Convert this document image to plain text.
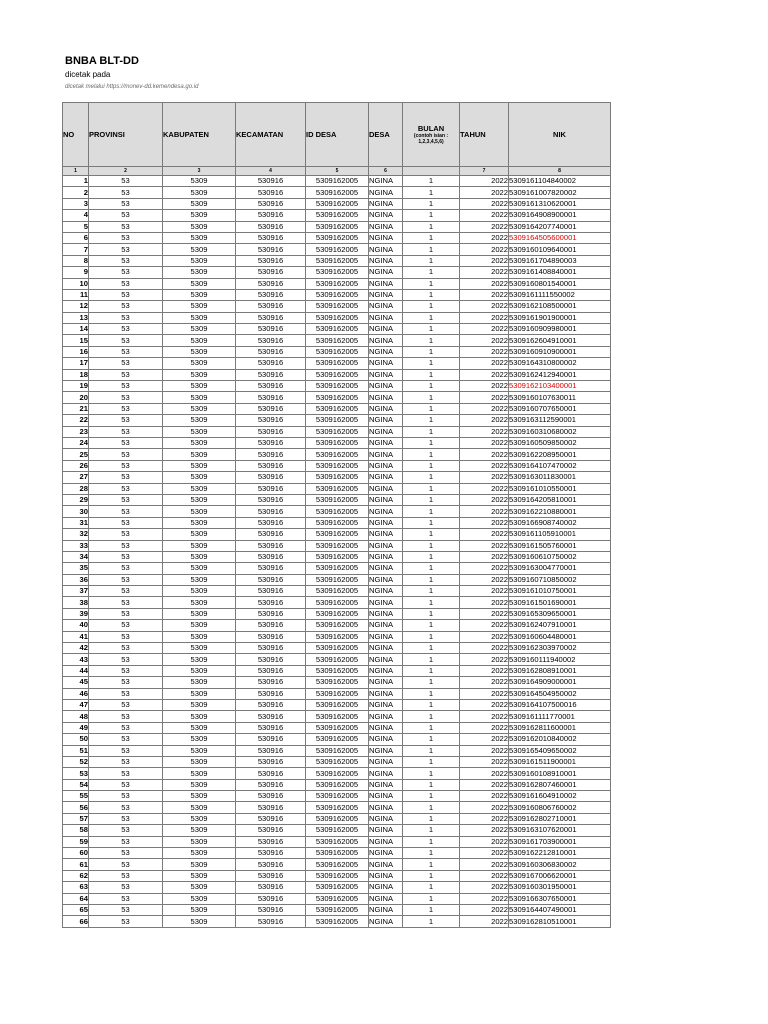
BNBA BLT-DD
dicetak pada
dicetak melalui https://monev-dd.kemendesa.go.id
NO	PROVINSI	KABUPATEN	KECAMATAN	ID DESA	DESA	BULAN
(contoh isian :
1,2,3,4,5,6)	TAHUN	NIK
1	2	3	4	5	6		7	8
1	53	5309	530916	5309162005	NGINA	1	2022	5309161104840002
2	53	5309	530916	5309162005	NGINA	1	2022	5309161007820002
3	53	5309	530916	5309162005	NGINA	1	2022	5309161310620001
4	53	5309	530916	5309162005	NGINA	1	2022	5309164908900001
5	53	5309	530916	5309162005	NGINA	1	2022	5309164207740001
6	53	5309	530916	5309162005	NGINA	1	2022	5309164505600001
7	53	5309	530916	5309162005	NGINA	1	2022	5309160109640001
8	53	5309	530916	5309162005	NGINA	1	2022	5309161704890003
9	53	5309	530916	5309162005	NGINA	1	2022	5309161408840001
10	53	5309	530916	5309162005	NGINA	1	2022	5309160801540001
11	53	5309	530916	5309162005	NGINA	1	2022	5309161111550002
12	53	5309	530916	5309162005	NGINA	1	2022	5309162108500001
13	53	5309	530916	5309162005	NGINA	1	2022	5309161901900001
14	53	5309	530916	5309162005	NGINA	1	2022	5309160909980001
15	53	5309	530916	5309162005	NGINA	1	2022	5309162604910001
16	53	5309	530916	5309162005	NGINA	1	2022	5309160910900001
17	53	5309	530916	5309162005	NGINA	1	2022	5309164310800002
18	53	5309	530916	5309162005	NGINA	1	2022	5309162412940001
19	53	5309	530916	5309162005	NGINA	1	2022	5309162103400001
20	53	5309	530916	5309162005	NGINA	1	2022	5309160107630011
21	53	5309	530916	5309162005	NGINA	1	2022	5309160707650001
22	53	5309	530916	5309162005	NGINA	1	2022	5309163112590001
23	53	5309	530916	5309162005	NGINA	1	2022	5309160310680002
24	53	5309	530916	5309162005	NGINA	1	2022	5309160509850002
25	53	5309	530916	5309162005	NGINA	1	2022	5309162208950001
26	53	5309	530916	5309162005	NGINA	1	2022	5309164107470002
27	53	5309	530916	5309162005	NGINA	1	2022	5309163011830001
28	53	5309	530916	5309162005	NGINA	1	2022	5309161010550001
29	53	5309	530916	5309162005	NGINA	1	2022	5309164205810001
30	53	5309	530916	5309162005	NGINA	1	2022	5309162210880001
31	53	5309	530916	5309162005	NGINA	1	2022	5309166908740002
32	53	5309	530916	5309162005	NGINA	1	2022	5309161105910001
33	53	5309	530916	5309162005	NGINA	1	2022	5309161505760001
34	53	5309	530916	5309162005	NGINA	1	2022	5309160610750002
35	53	5309	530916	5309162005	NGINA	1	2022	5309163004770001
36	53	5309	530916	5309162005	NGINA	1	2022	5309160710850002
37	53	5309	530916	5309162005	NGINA	1	2022	5309161010750001
38	53	5309	530916	5309162005	NGINA	1	2022	5309161501690001
39	53	5309	530916	5309162005	NGINA	1	2022	5309165309650001
40	53	5309	530916	5309162005	NGINA	1	2022	5309162407910001
41	53	5309	530916	5309162005	NGINA	1	2022	5309160604480001
42	53	5309	530916	5309162005	NGINA	1	2022	5309162303970002
43	53	5309	530916	5309162005	NGINA	1	2022	5309160111940002
44	53	5309	530916	5309162005	NGINA	1	2022	5309162808910001
45	53	5309	530916	5309162005	NGINA	1	2022	5309164909000001
46	53	5309	530916	5309162005	NGINA	1	2022	5309164504950002
47	53	5309	530916	5309162005	NGINA	1	2022	5309164107500016
48	53	5309	530916	5309162005	NGINA	1	2022	5309161111770001
49	53	5309	530916	5309162005	NGINA	1	2022	5309162811600001
50	53	5309	530916	5309162005	NGINA	1	2022	5309162010840002
51	53	5309	530916	5309162005	NGINA	1	2022	5309165409650002
52	53	5309	530916	5309162005	NGINA	1	2022	5309161511900001
53	53	5309	530916	5309162005	NGINA	1	2022	5309160108910001
54	53	5309	530916	5309162005	NGINA	1	2022	5309162807460001
55	53	5309	530916	5309162005	NGINA	1	2022	5309161604910002
56	53	5309	530916	5309162005	NGINA	1	2022	5309160806760002
57	53	5309	530916	5309162005	NGINA	1	2022	5309162802710001
58	53	5309	530916	5309162005	NGINA	1	2022	5309163107620001
59	53	5309	530916	5309162005	NGINA	1	2022	5309161703900001
60	53	5309	530916	5309162005	NGINA	1	2022	5309162212810001
61	53	5309	530916	5309162005	NGINA	1	2022	5309160306830002
62	53	5309	530916	5309162005	NGINA	1	2022	5309167006620001
63	53	5309	530916	5309162005	NGINA	1	2022	5309160301950001
64	53	5309	530916	5309162005	NGINA	1	2022	5309166307650001
65	53	5309	530916	5309162005	NGINA	1	2022	5309164407490001
66	53	5309	530916	5309162005	NGINA	1	2022	5309162810510001
